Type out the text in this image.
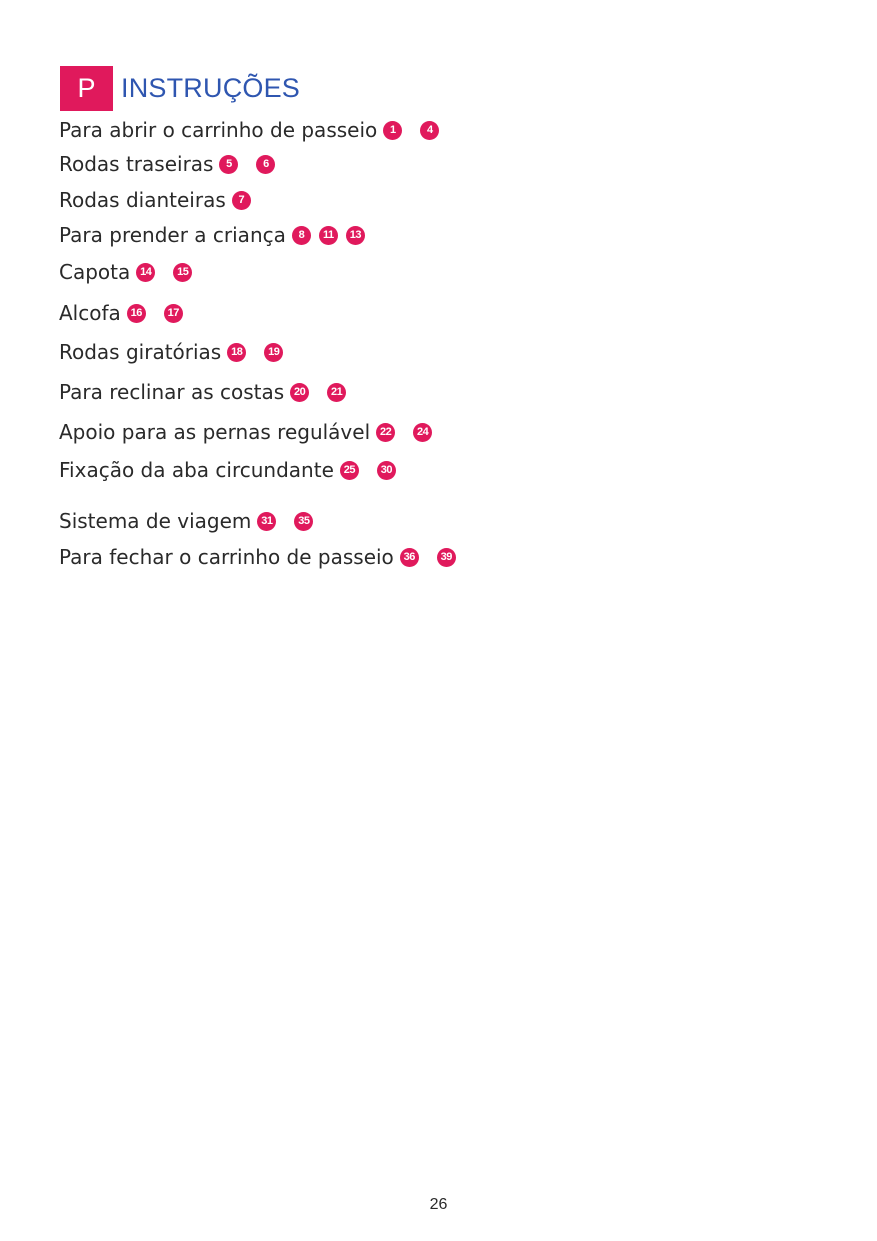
P INSTRUÇÕES
Para abrir o carrinho de passeio	1	4
Rodas traseiras	5	6
Rodas dianteiras	7
Para prender a criança	8	11	13
Capota 14	15
Alcofa 16	17
Rodas giratórias 18	19
Para reclinar as costas 20	21
Apoio para as pernas regulável 22	24
Fixação da aba circundante 25	30
Sistema de viagem 31	35
Para fechar o carrinho de passeio 36	39
26
